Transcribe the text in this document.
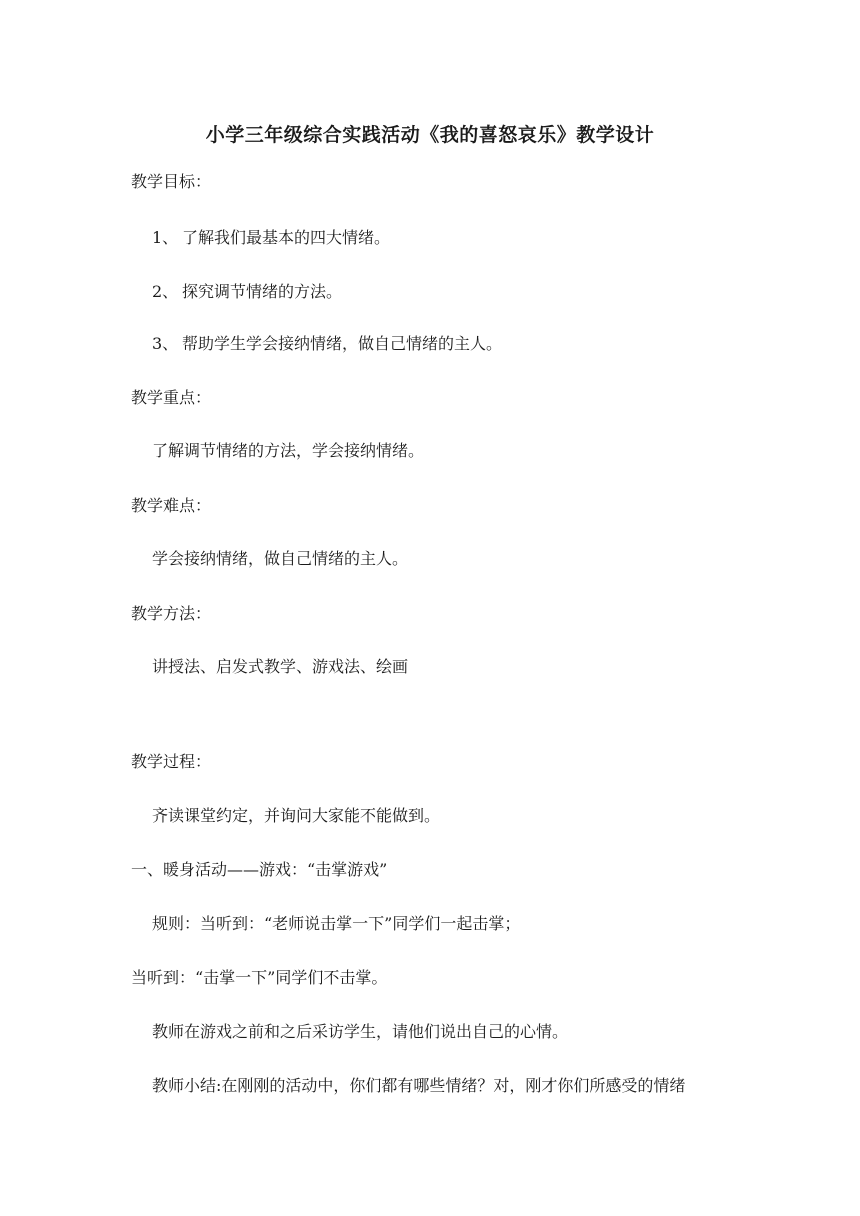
小学三年级综合实践活动《我的喜怒哀乐》教学设计
教学目标：
1、 了解我们最基本的四大情绪。
2、 探究调节情绪的方法。
3、 帮助学生学会接纳情绪，做自己情绪的主人。
教学重点：
了解调节情绪的方法，学会接纳情绪。
教学难点：
学会接纳情绪，做自己情绪的主人。
教学方法：
讲授法、启发式教学、游戏法、绘画
教学过程：
齐读课堂约定，并询问大家能不能做到。
一、暖身活动——游戏：“击掌游戏”
规则：当听到：“老师说击掌一下”同学们一起击掌；
当听到：“击掌一下”同学们不击掌。
教师在游戏之前和之后采访学生，请他们说出自己的心情。
教师小结:在刚刚的活动中，你们都有哪些情绪？对，刚才你们所感受的情绪
